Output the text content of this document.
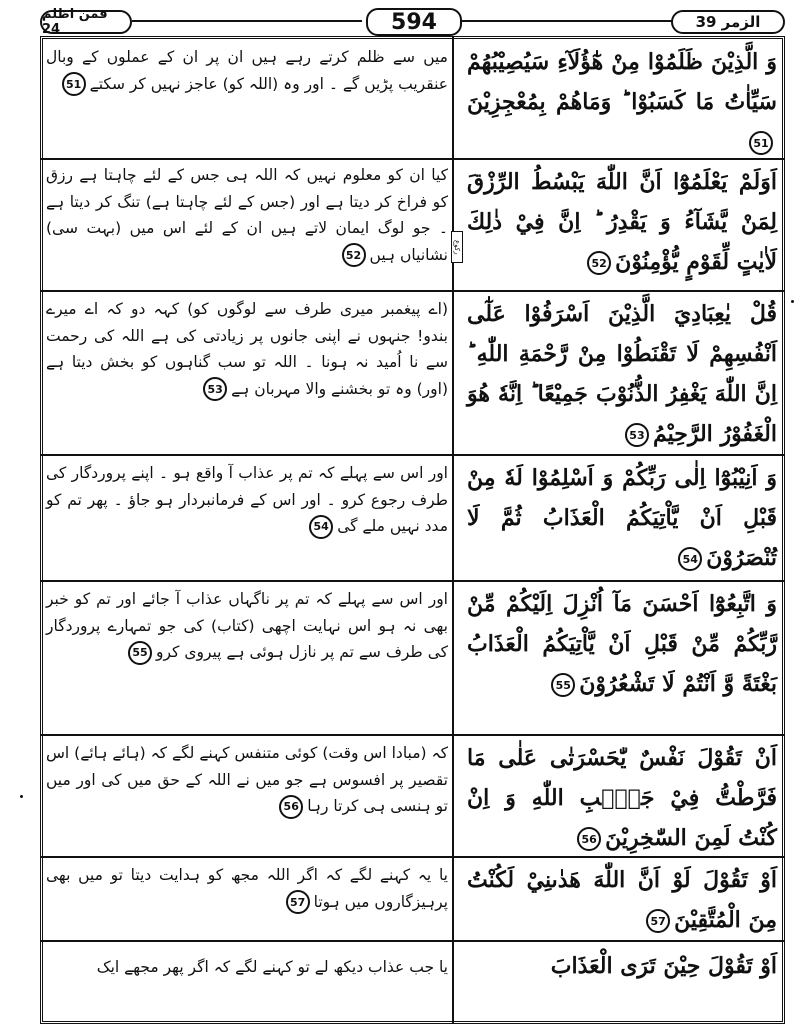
فمن اظلم 24	594	الزمر 39
رکوع
وَ الَّذِيْنَ ظَلَمُوْا مِنْ هٰٓؤُلَآءِ سَيُصِيْبُهُمْ سَيِّاٰتُ مَا كَسَبُوْا ؕ وَمَاهُمْ بِمُعْجِزِيْنَ51
میں سے ظلم کرتے رہے ہیں ان پر ان کے عملوں کے وبال عنقریب پڑیں گے ۔ اور وہ (اللہ کو) عاجز نہیں کر سکتے51
اَوَلَمْ يَعْلَمُوْٓا اَنَّ اللّٰهَ يَبْسُطُ الرِّزْقَ لِمَنْ يَّشَآءُ وَ يَقْدِرُ ؕ اِنَّ فِيْ ذٰلِكَ لَاٰيٰتٍ لِّقَوْمٍ يُّؤْمِنُوْنَ52
کیا ان کو معلوم نہیں کہ اللہ ہی جس کے لئے چاہتا ہے رزق کو فراخ کر دیتا ہے اور (جس کے لئے چاہتا ہے) تنگ کر دیتا ہے ۔ جو لوگ ایمان لاتے ہیں ان کے لئے اس میں (بہت سی) نشانیاں ہیں52
قُلْ يٰعِبَادِيَ الَّذِيْنَ اَسْرَفُوْا عَلٰٓى اَنْفُسِهِمْ لَا تَقْنَطُوْا مِنْ رَّحْمَةِ اللّٰهِ ؕ اِنَّ اللّٰهَ يَغْفِرُ الذُّنُوْبَ جَمِيْعًا ؕ اِنَّهٗ هُوَ الْغَفُوْرُ الرَّحِيْمُ53
(اے پیغمبر میری طرف سے لوگوں کو) کہہ دو کہ اے میرے بندو! جنہوں نے اپنی جانوں پر زیادتی کی ہے اللہ کی رحمت سے نا اُمید نہ ہونا ۔ اللہ تو سب گناہوں کو بخش دیتا ہے (اور) وہ تو بخشنے والا مہربان ہے53
وَ اَنِيْبُوْٓا اِلٰى رَبِّكُمْ وَ اَسْلِمُوْا لَهٗ مِنْ قَبْلِ اَنْ يَّاْتِيَكُمُ الْعَذَابُ ثُمَّ لَا تُنْصَرُوْنَ54
اور اس سے پہلے کہ تم پر عذاب آ واقع ہو ۔ اپنے پروردگار کی طرف رجوع کرو ۔ اور اس کے فرمانبردار ہو جاؤ ۔ پھر تم کو مدد نہیں ملے گی54
وَ اتَّبِعُوْٓا اَحْسَنَ مَآ اُنْزِلَ اِلَيْكُمْ مِّنْ رَّبِّكُمْ مِّنْ قَبْلِ اَنْ يَّاْتِيَكُمُ الْعَذَابُ بَغْتَةً وَّ اَنْتُمْ لَا تَشْعُرُوْنَ55
اور اس سے پہلے کہ تم پر ناگہاں عذاب آ جائے اور تم کو خبر بھی نہ ہو اس نہایت اچھی (کتاب) کی جو تمہارے پروردگار کی طرف سے تم پر نازل ہوئی ہے پیروی کرو55
اَنْ تَقُوْلَ نَفْسٌ يّٰحَسْرَتٰى عَلٰى مَا فَرَّطْتُّ فِيْ جَنْۢبِ اللّٰهِ وَ اِنْ كُنْتُ لَمِنَ السّٰخِرِيْنَ56
کہ (مبادا اس وقت) کوئی متنفس کہنے لگے کہ (ہائے ہائے) اس تقصیر پر افسوس ہے جو میں نے اللہ کے حق میں کی اور میں تو ہنسی ہی کرتا رہا56
اَوْ تَقُوْلَ لَوْ اَنَّ اللّٰهَ هَدٰىنِيْ لَكُنْتُ مِنَ الْمُتَّقِيْنَ57
یا یہ کہنے لگے کہ اگر اللہ مجھ کو ہدایت دیتا تو میں بھی پرہیزگاروں میں ہوتا57
اَوْ تَقُوْلَ حِيْنَ تَرَى الْعَذَابَ
یا جب عذاب دیکھ لے تو کہنے لگے کہ اگر پھر مجھے ایک
